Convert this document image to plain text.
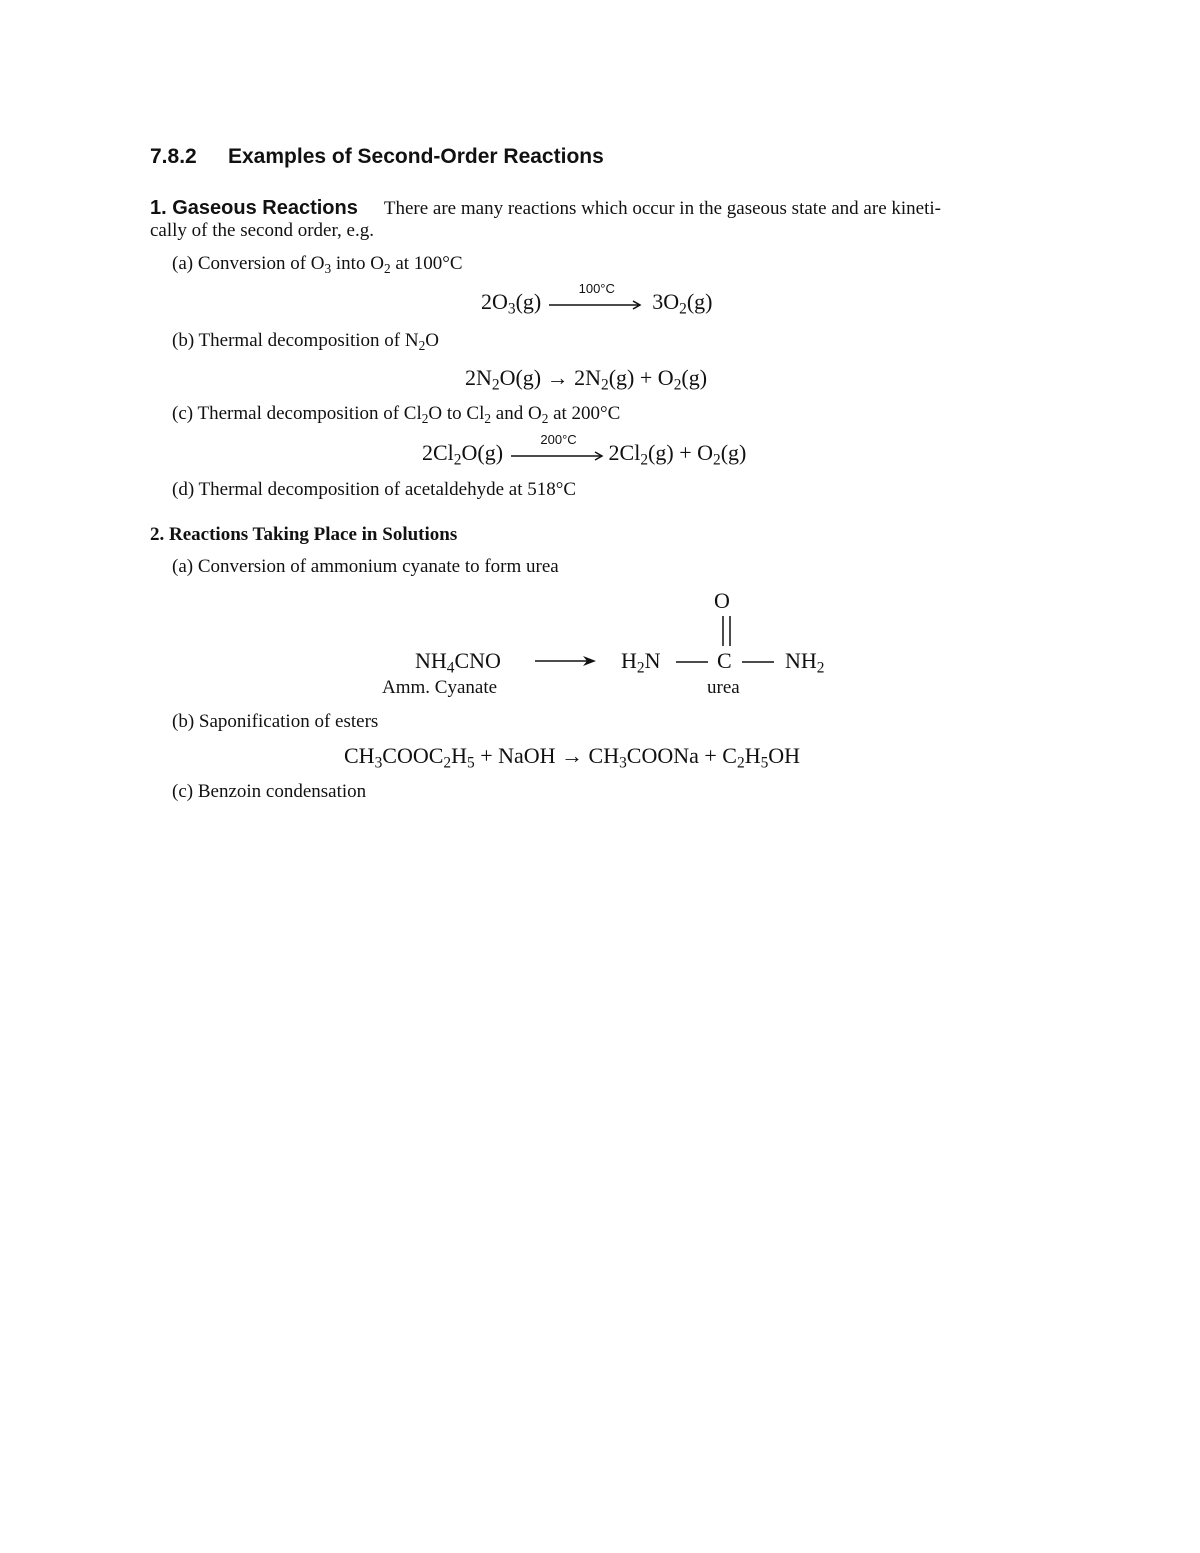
7.8.2 Examples of Second-Order Reactions
1. Gaseous Reactions There are many reactions which occur in the gaseous state and are kineti-
cally of the second order, e.g.
(a) Conversion of $O_3$ into $O_2$ at 100°C
$2O_3(g)$
100°C
$3O_2(g)$
(b) Thermal decomposition of $N_2O$
$2N_2O(g) \to 2N_2(g) + O_2(g)$
(c) Thermal decomposition of $Cl_2O$ to $Cl_2$ and $O_2$ at 200°C
$2Cl_2O(g)$
200°C
$2Cl_2(g) + O_2(g)$
(d) Thermal decomposition of acetaldehyde at 518°C
2. Reactions Taking Place in Solutions
(a) Conversion of ammonium cyanate to form urea
O
$NH_4CNO$	$H_2N$	C $NH_2$
Amm. Cyanate	urea
(b) Saponification of esters
$CH_3COOC_2H_5$ + NaOH → $CH_3COONa + C_2H_5OH$
(c) Benzoin condensation
